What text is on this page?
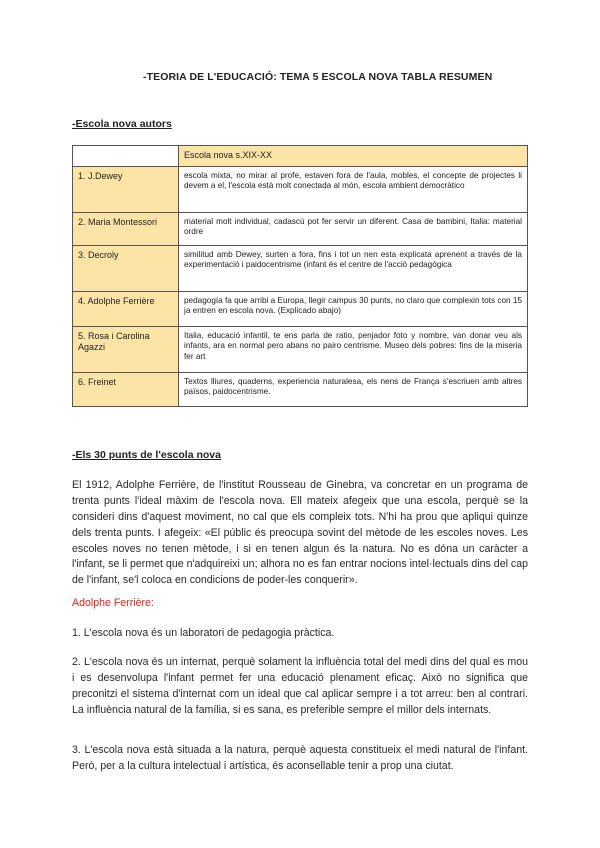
-TEORIA DE L'EDUCACIÓ: TEMA 5 ESCOLA NOVA TABLA RESUMEN
-Escola nova autors
	Escola nova s.XIX-XX
1. J.Dewey	escola mixta, no mirar al profe, estaven fora de l'aula, mobles, el concepte de projectes li devem a el, l'escola està molt conectada al món, escola ambient democràtico
2. Maria Montessori	material molt individual, cadascú pot fer servir un diferent. Casa de bambini, Italia: material ordre
3. Decroly	similitud amb Dewey, surten a fora, fins i tot un nen esta explicata aprenent a través de la experimentació i paidocentrisme (infant és el centre de l'acció pedagógica
4. Adolphe Ferrière	pedagogía fa que arribi a Europa, llegir campus 30 punts, no claro que complexin tots con 15 ja entren en escola nova. (Explicado abajo)
5. Rosa i Carolina Agazzi	Italia, educació infantil, te ens parla de ratio, penjador foto y nombre, van donar veu als infants, ara en normal pero abans no pairo centrisme. Museo dels pobres: fins de la miseria fer art
6. Freinet	Textos lliures, quaderns, experiencia naturalesa, els nens de França s'escriuen amb altres països, paidocentrisme.
-Els 30 punts de l'escola nova
El 1912, Adolphe Ferrière, de l'institut Rousseau de Ginebra, va concretar en un programa de trenta punts l'ideal màxim de l'escola nova. Ell mateix afegeix que una escola, perquè se la consideri dins d'aquest moviment, no cal que els compleix tots. N'hi ha prou que apliqui quinze dels trenta punts. I afegeix: «El públic és preocupa sovint del mètode de les escoles noves. Les escoles noves no tenen mètode, i si en tenen algun és la natura. No es dóna un caràcter a l'infant, se li permet que n'adquireixi un; alhora no es fan entrar nocions intel·lectuals dins del cap de l'infant, se'l coloca en condicions de poder-les conquerir».
Adolphe Ferrière:
1. L'escola nova és un laboratori de pedagogia pràctica.
2. L'escola nova és un internat, perquè solament la influència total del medi dins del qual es mou i es desenvolupa l'infant permet fer una educació plenament eficaç. Això no significa que preconitzi el sistema d'internat com un ideal que cal aplicar sempre i a tot arreu: ben al contrari. La influència natural de la família, si es sana, es preferible sempre el millor dels internats.
3. L'escola nova està situada a la natura, perquè aquesta constitueix el medi natural de l'infant. Però, per a la cultura intelectual i artística, és aconsellable tenir a prop una ciutat.
